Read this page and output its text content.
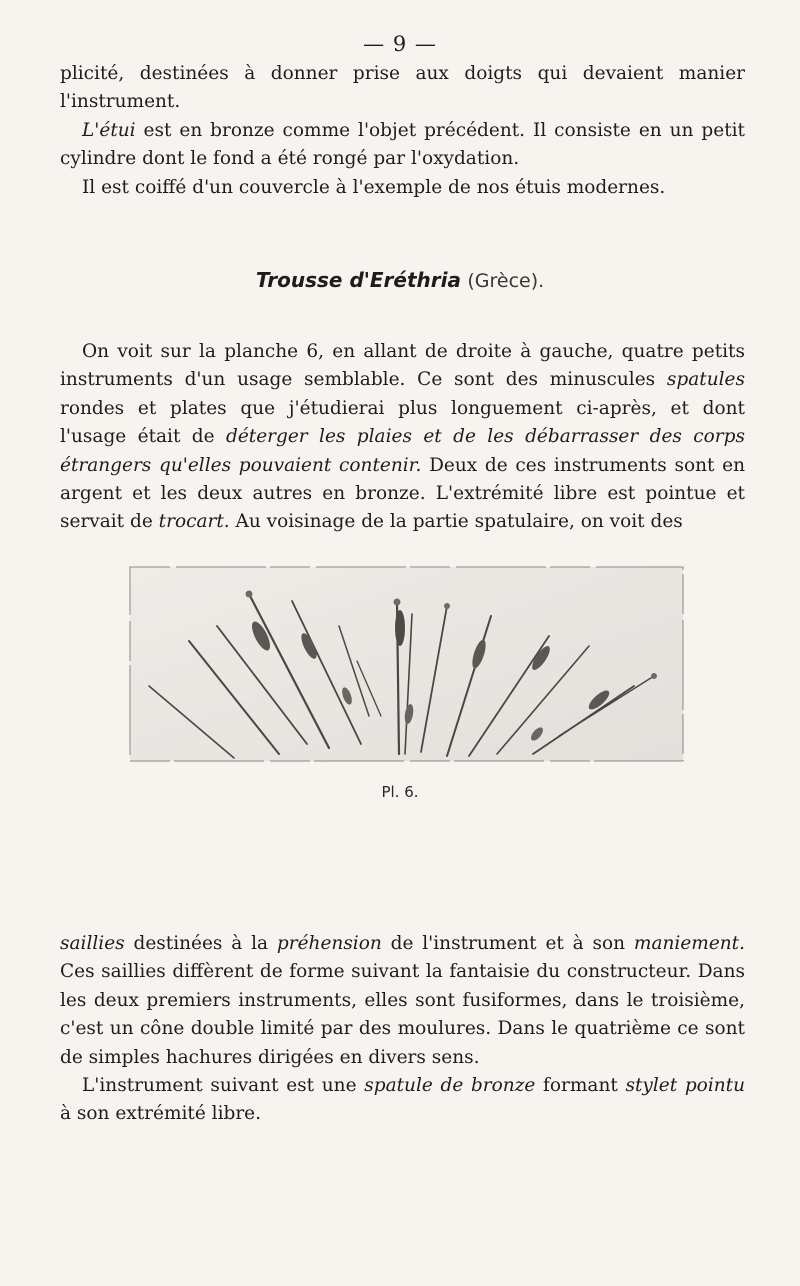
— 9 —

plicité, destinées à donner prise aux doigts qui devaient manier l'instrument.

L'étui est en bronze comme l'objet précédent. Il consiste en un petit cylindre dont le fond a été rongé par l'oxydation.

Il est coiffé d'un couvercle à l'exemple de nos étuis modernes.

Trousse d'Eréthria (Grèce).

On voit sur la planche 6, en allant de droite à gauche, quatre petits instruments d'un usage semblable. Ce sont des minuscules spatules rondes et plates que j'étudierai plus longuement ci-après, et dont l'usage était de déterger les plaies et de les débarrasser des corps étrangers qu'elles pouvaient contenir. Deux de ces instruments sont en argent et les deux autres en bronze. L'extrémité libre est pointue et servait de trocart. Au voisinage de la partie spatulaire, on voit des

Pl. 6.

saillies destinées à la préhension de l'instrument et à son maniement. Ces saillies diffèrent de forme suivant la fantaisie du constructeur. Dans les deux premiers instruments, elles sont fusiformes, dans le troisième, c'est un cône double limité par des moulures. Dans le quatrième ce sont de simples hachures dirigées en divers sens.

L'instrument suivant est une spatule de bronze formant stylet pointu à son extrémité libre.
